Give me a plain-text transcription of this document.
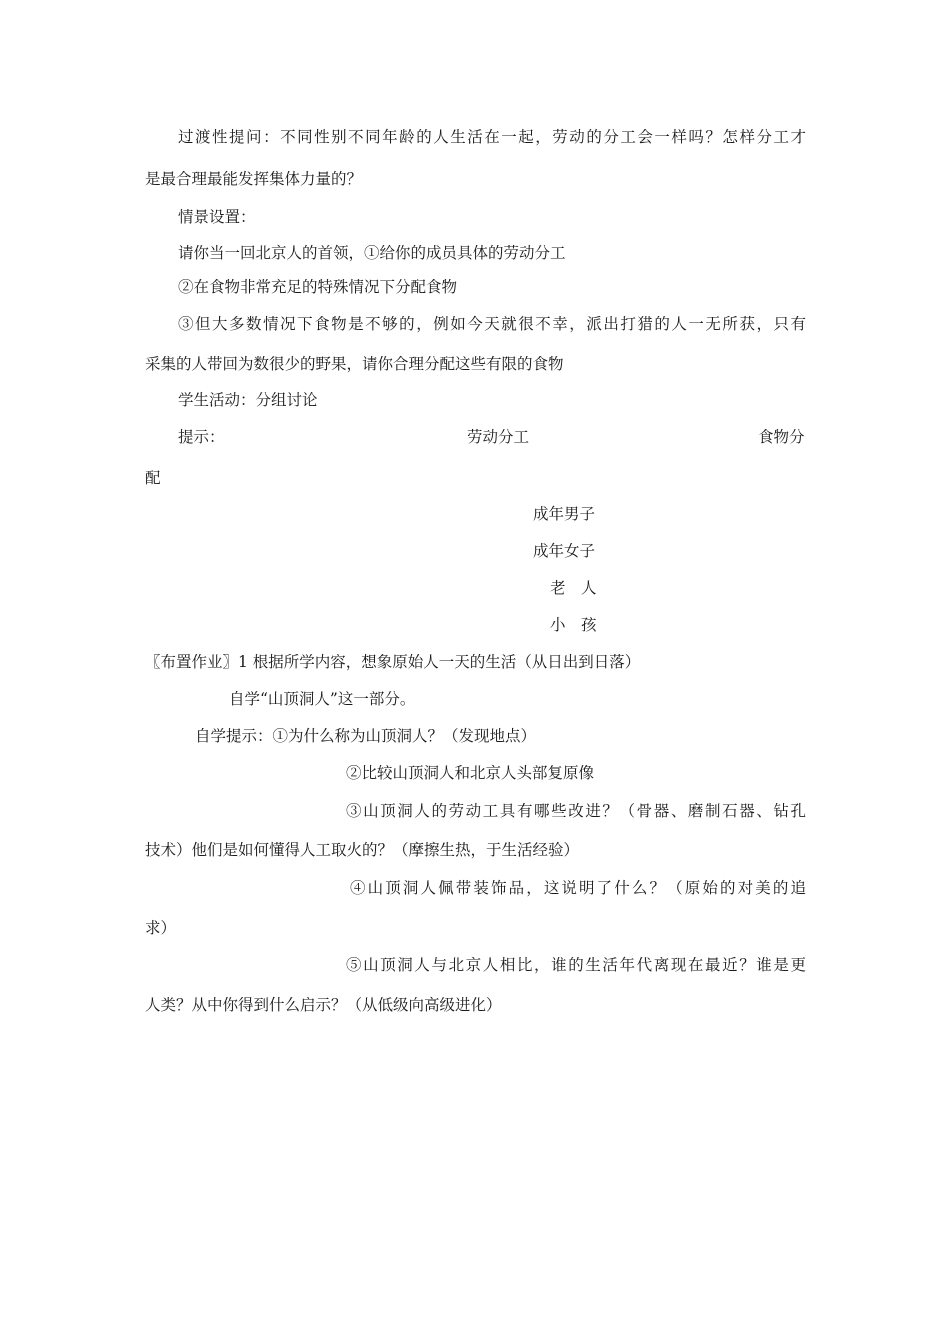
过渡性提问：不同性别不同年龄的人生活在一起，劳动的分工会一样吗？怎样分工才
是最合理最能发挥集体力量的？
情景设置：
请你当一回北京人的首领，①给你的成员具体的劳动分工
②在食物非常充足的特殊情况下分配食物
③但大多数情况下食物是不够的，例如今天就很不幸，派出打猎的人一无所获，只有
采集的人带回为数很少的野果，请你合理分配这些有限的食物
学生活动：分组讨论
提示：	劳动分工	食物分
配
成年男子
成年女子
老　人
小　孩
〖布置作业〗1 根据所学内容，想象原始人一天的生活（从日出到日落）
自学“山顶洞人”这一部分。
自学提示：①为什么称为山顶洞人？（发现地点）
②比较山顶洞人和北京人头部复原像
③山顶洞人的劳动工具有哪些改进？（骨器、磨制石器、钻孔
技术）他们是如何懂得人工取火的？（摩擦生热，于生活经验）
④山顶洞人佩带装饰品，这说明了什么？（原始的对美的追
求）
⑤山顶洞人与北京人相比，谁的生活年代离现在最近？谁是更
人类？从中你得到什么启示？（从低级向高级进化）
